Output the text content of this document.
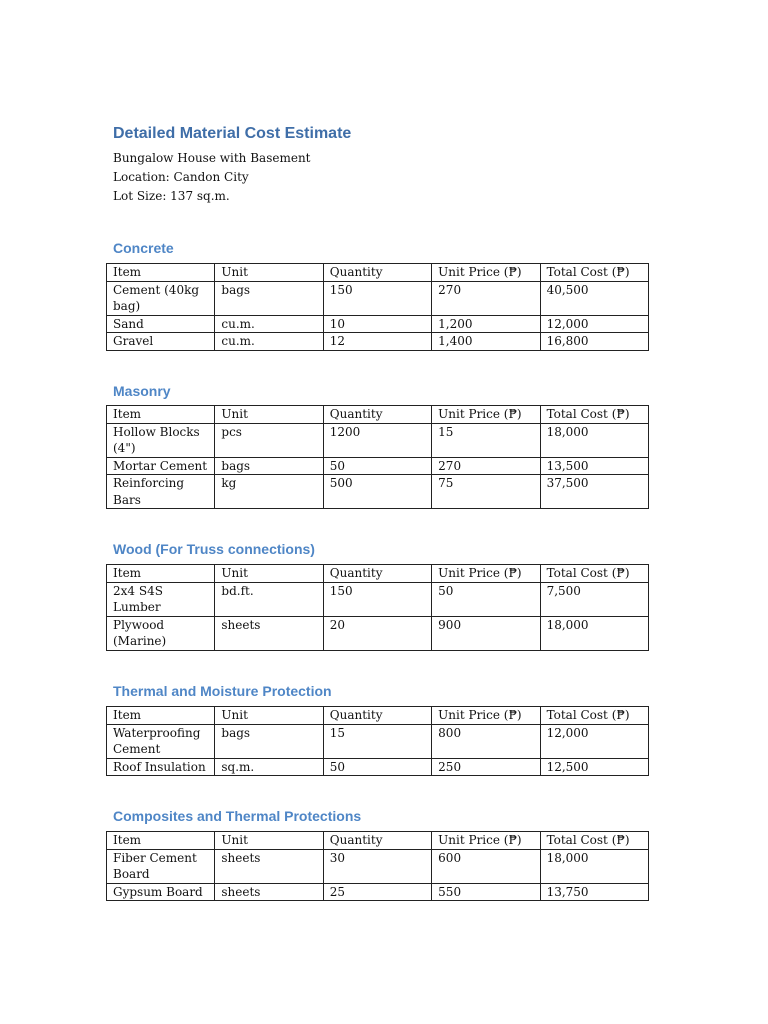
Detailed Material Cost Estimate

Bungalow House with Basement

Location: Candon City

Lot Size: 137 sq.m.

Concrete
Item	Unit	Quantity	Unit Price (₱)	Total Cost (₱)
Cement (40kg bag)	bags	150	270	40,500
Sand	cu.m.	10	1,200	12,000
Gravel	cu.m.	12	1,400	16,800
Masonry
Item	Unit	Quantity	Unit Price (₱)	Total Cost (₱)
Hollow Blocks (4")	pcs	1200	15	18,000
Mortar Cement	bags	50	270	13,500
Reinforcing Bars	kg	500	75	37,500
Wood (For Truss connections)
Item	Unit	Quantity	Unit Price (₱)	Total Cost (₱)
2x4 S4S Lumber	bd.ft.	150	50	7,500
Plywood (Marine)	sheets	20	900	18,000
Thermal and Moisture Protection
Item	Unit	Quantity	Unit Price (₱)	Total Cost (₱)
Waterproofing Cement	bags	15	800	12,000
Roof Insulation	sq.m.	50	250	12,500
Composites and Thermal Protections
Item	Unit	Quantity	Unit Price (₱)	Total Cost (₱)
Fiber Cement Board	sheets	30	600	18,000
Gypsum Board	sheets	25	550	13,750
